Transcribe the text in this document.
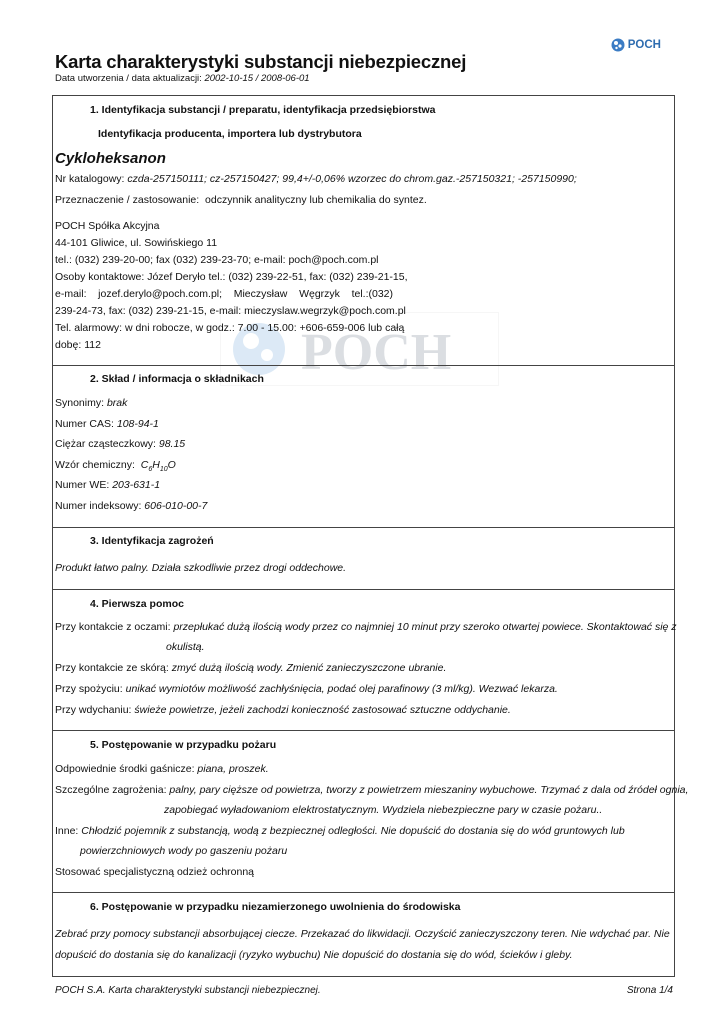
POCH
Karta charakterystyki substancji niebezpiecznej
Data utworzenia / data aktualizacji: 2002-10-15 / 2008-06-01
POCH
1. Identyfikacja substancji / preparatu, identyfikacja przedsiębiorstwa
Identyfikacja producenta, importera lub dystrybutora
Cykloheksanon
Nr katalogowy: czda-257150111; cz-257150427; 99,4+/-0,06% wzorzec do chrom.gaz.-257150321; -257150990;
Przeznaczenie / zastosowanie: odczynnik analityczny lub chemikalia do syntez.
POCH Spółka Akcyjna
44-101 Gliwice, ul. Sowińskiego 11
tel.: (032) 239-20-00; fax (032) 239-23-70; e-mail: poch@poch.com.pl
Osoby kontaktowe: Józef Deryło tel.: (032) 239-22-51, fax: (032) 239-21-15,
e-mail: jozef.derylo@poch.com.pl; Mieczysław Węgrzyk tel.:(032)
239-24-73, fax: (032) 239-21-15, e-mail: mieczyslaw.wegrzyk@poch.com.pl
Tel. alarmowy: w dni robocze, w godz.: 7.00 - 15.00: +606-659-006 lub całą
dobę: 112
2. Skład / informacja o składnikach
Synonimy: brak
Numer CAS: 108-94-1
Ciężar cząsteczkowy: 98.15
Wzór chemiczny: $C_6H_{10}O$
Numer WE: 203-631-1
Numer indeksowy: 606-010-00-7
3. Identyfikacja zagrożeń
Produkt łatwo palny. Działa szkodliwie przez drogi oddechowe.
4. Pierwsza pomoc
Przy kontakcie z oczami: przepłukać dużą ilością wody przez co najmniej 10 minut przy szeroko otwartej powiece. Skontaktować się z
okulistą.
Przy kontakcie ze skórą: zmyć dużą ilością wody. Zmienić zanieczyszczone ubranie.
Przy spożyciu: unikać wymiotów możliwość zachłyśnięcia, podać olej parafinowy (3 ml/kg). Wezwać lekarza.
Przy wdychaniu: świeże powietrze, jeżeli zachodzi konieczność zastosować sztuczne oddychanie.
5. Postępowanie w przypadku pożaru
Odpowiednie środki gaśnicze: piana, proszek.
Szczególne zagrożenia: palny, pary cięższe od powietrza, tworzy z powietrzem mieszaniny wybuchowe. Trzymać z dala od źródeł ognia,
zapobiegać wyładowaniom elektrostatycznym. Wydziela niebezpieczne pary w czasie pożaru..
Inne: Chłodzić pojemnik z substancją, wodą z bezpiecznej odległości. Nie dopuścić do dostania się do wód gruntowych lub
powierzchniowych wody po gaszeniu pożaru
Stosować specjalistyczną odzież ochronną
6. Postępowanie w przypadku niezamierzonego uwolnienia do środowiska
Zebrać przy pomocy substancji absorbującej ciecze. Przekazać do likwidacji. Oczyścić zanieczyszczony teren. Nie wdychać par. Nie
dopuścić do dostania się do kanalizacji (ryzyko wybuchu) Nie dopuścić do dostania się do wód, ścieków i gleby.
POCH S.A. Karta charakterystyki substancji niebezpiecznej.	Strona 1/4
